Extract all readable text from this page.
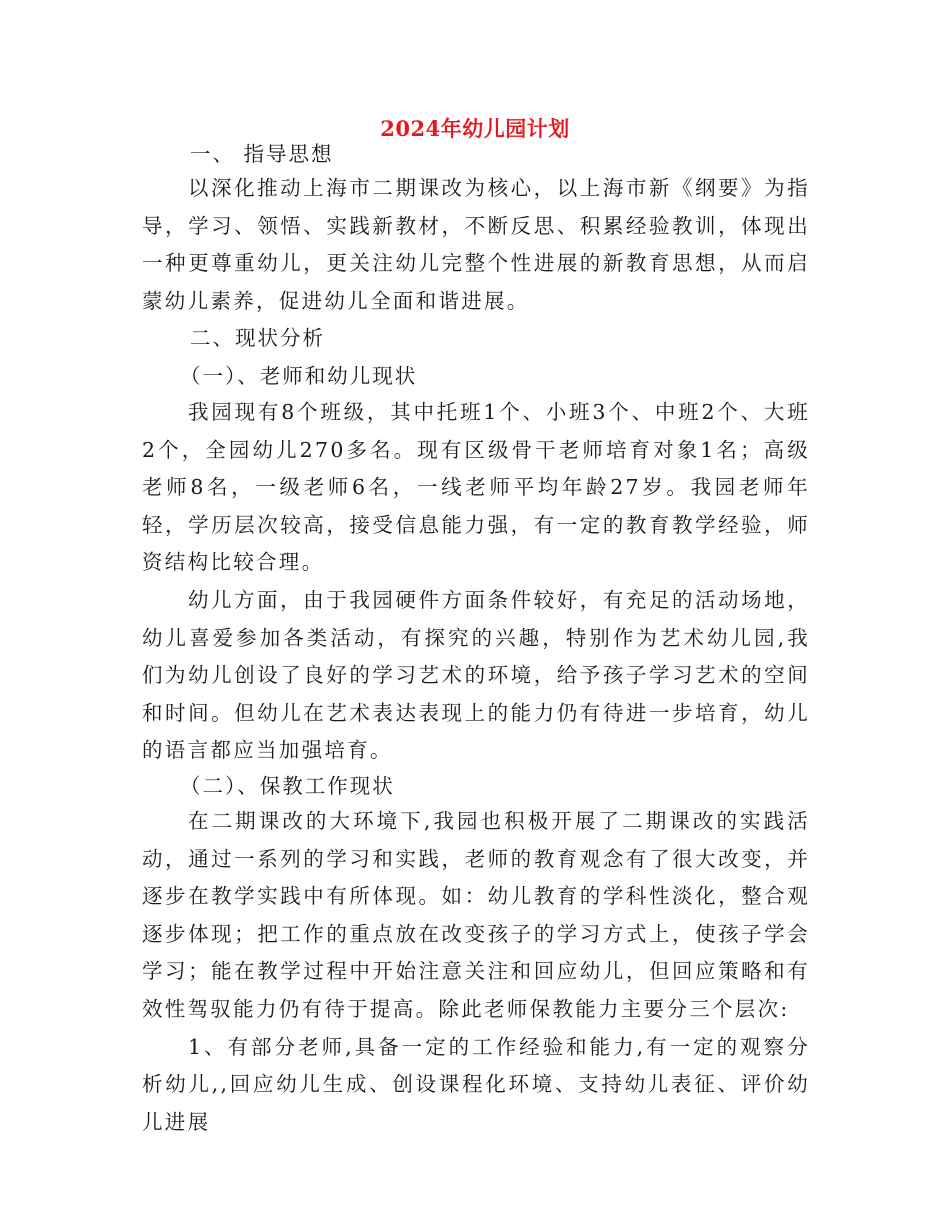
2024年幼儿园计划
一、 指导思想

以深化推动上海市二期课改为核心，以上海市新《纲要》为指导，学习、领悟、实践新教材，不断反思、积累经验教训，体现出一种更尊重幼儿，更关注幼儿完整个性进展的新教育思想，从而启蒙幼儿素养，促进幼儿全面和谐进展。

二、现状分析
（一）、老师和幼儿现状

我园现有8个班级，其中托班1个、小班3个、中班2个、大班2个，全园幼儿270多名。现有区级骨干老师培育对象1名；高级老师8名，一级老师6名，一线老师平均年龄27岁。我园老师年轻，学历层次较高，接受信息能力强，有一定的教育教学经验，师资结构比较合理。

幼儿方面，由于我园硬件方面条件较好，有充足的活动场地，幼儿喜爱参加各类活动，有探究的兴趣，特别作为艺术幼儿园,我们为幼儿创设了良好的学习艺术的环境，给予孩子学习艺术的空间和时间。但幼儿在艺术表达表现上的能力仍有待进一步培育，幼儿的语言都应当加强培育。

（二）、保教工作现状

在二期课改的大环境下,我园也积极开展了二期课改的实践活动，通过一系列的学习和实践，老师的教育观念有了很大改变，并逐步在教学实践中有所体现。如：幼儿教育的学科性淡化，整合观逐步体现；把工作的重点放在改变孩子的学习方式上，使孩子学会学习；能在教学过程中开始注意关注和回应幼儿，但回应策略和有效性驾驭能力仍有待于提高。除此老师保教能力主要分三个层次:

1、有部分老师,具备一定的工作经验和能力,有一定的观察分析幼儿,,回应幼儿生成、创设课程化环境、支持幼儿表征、评价幼儿进展
